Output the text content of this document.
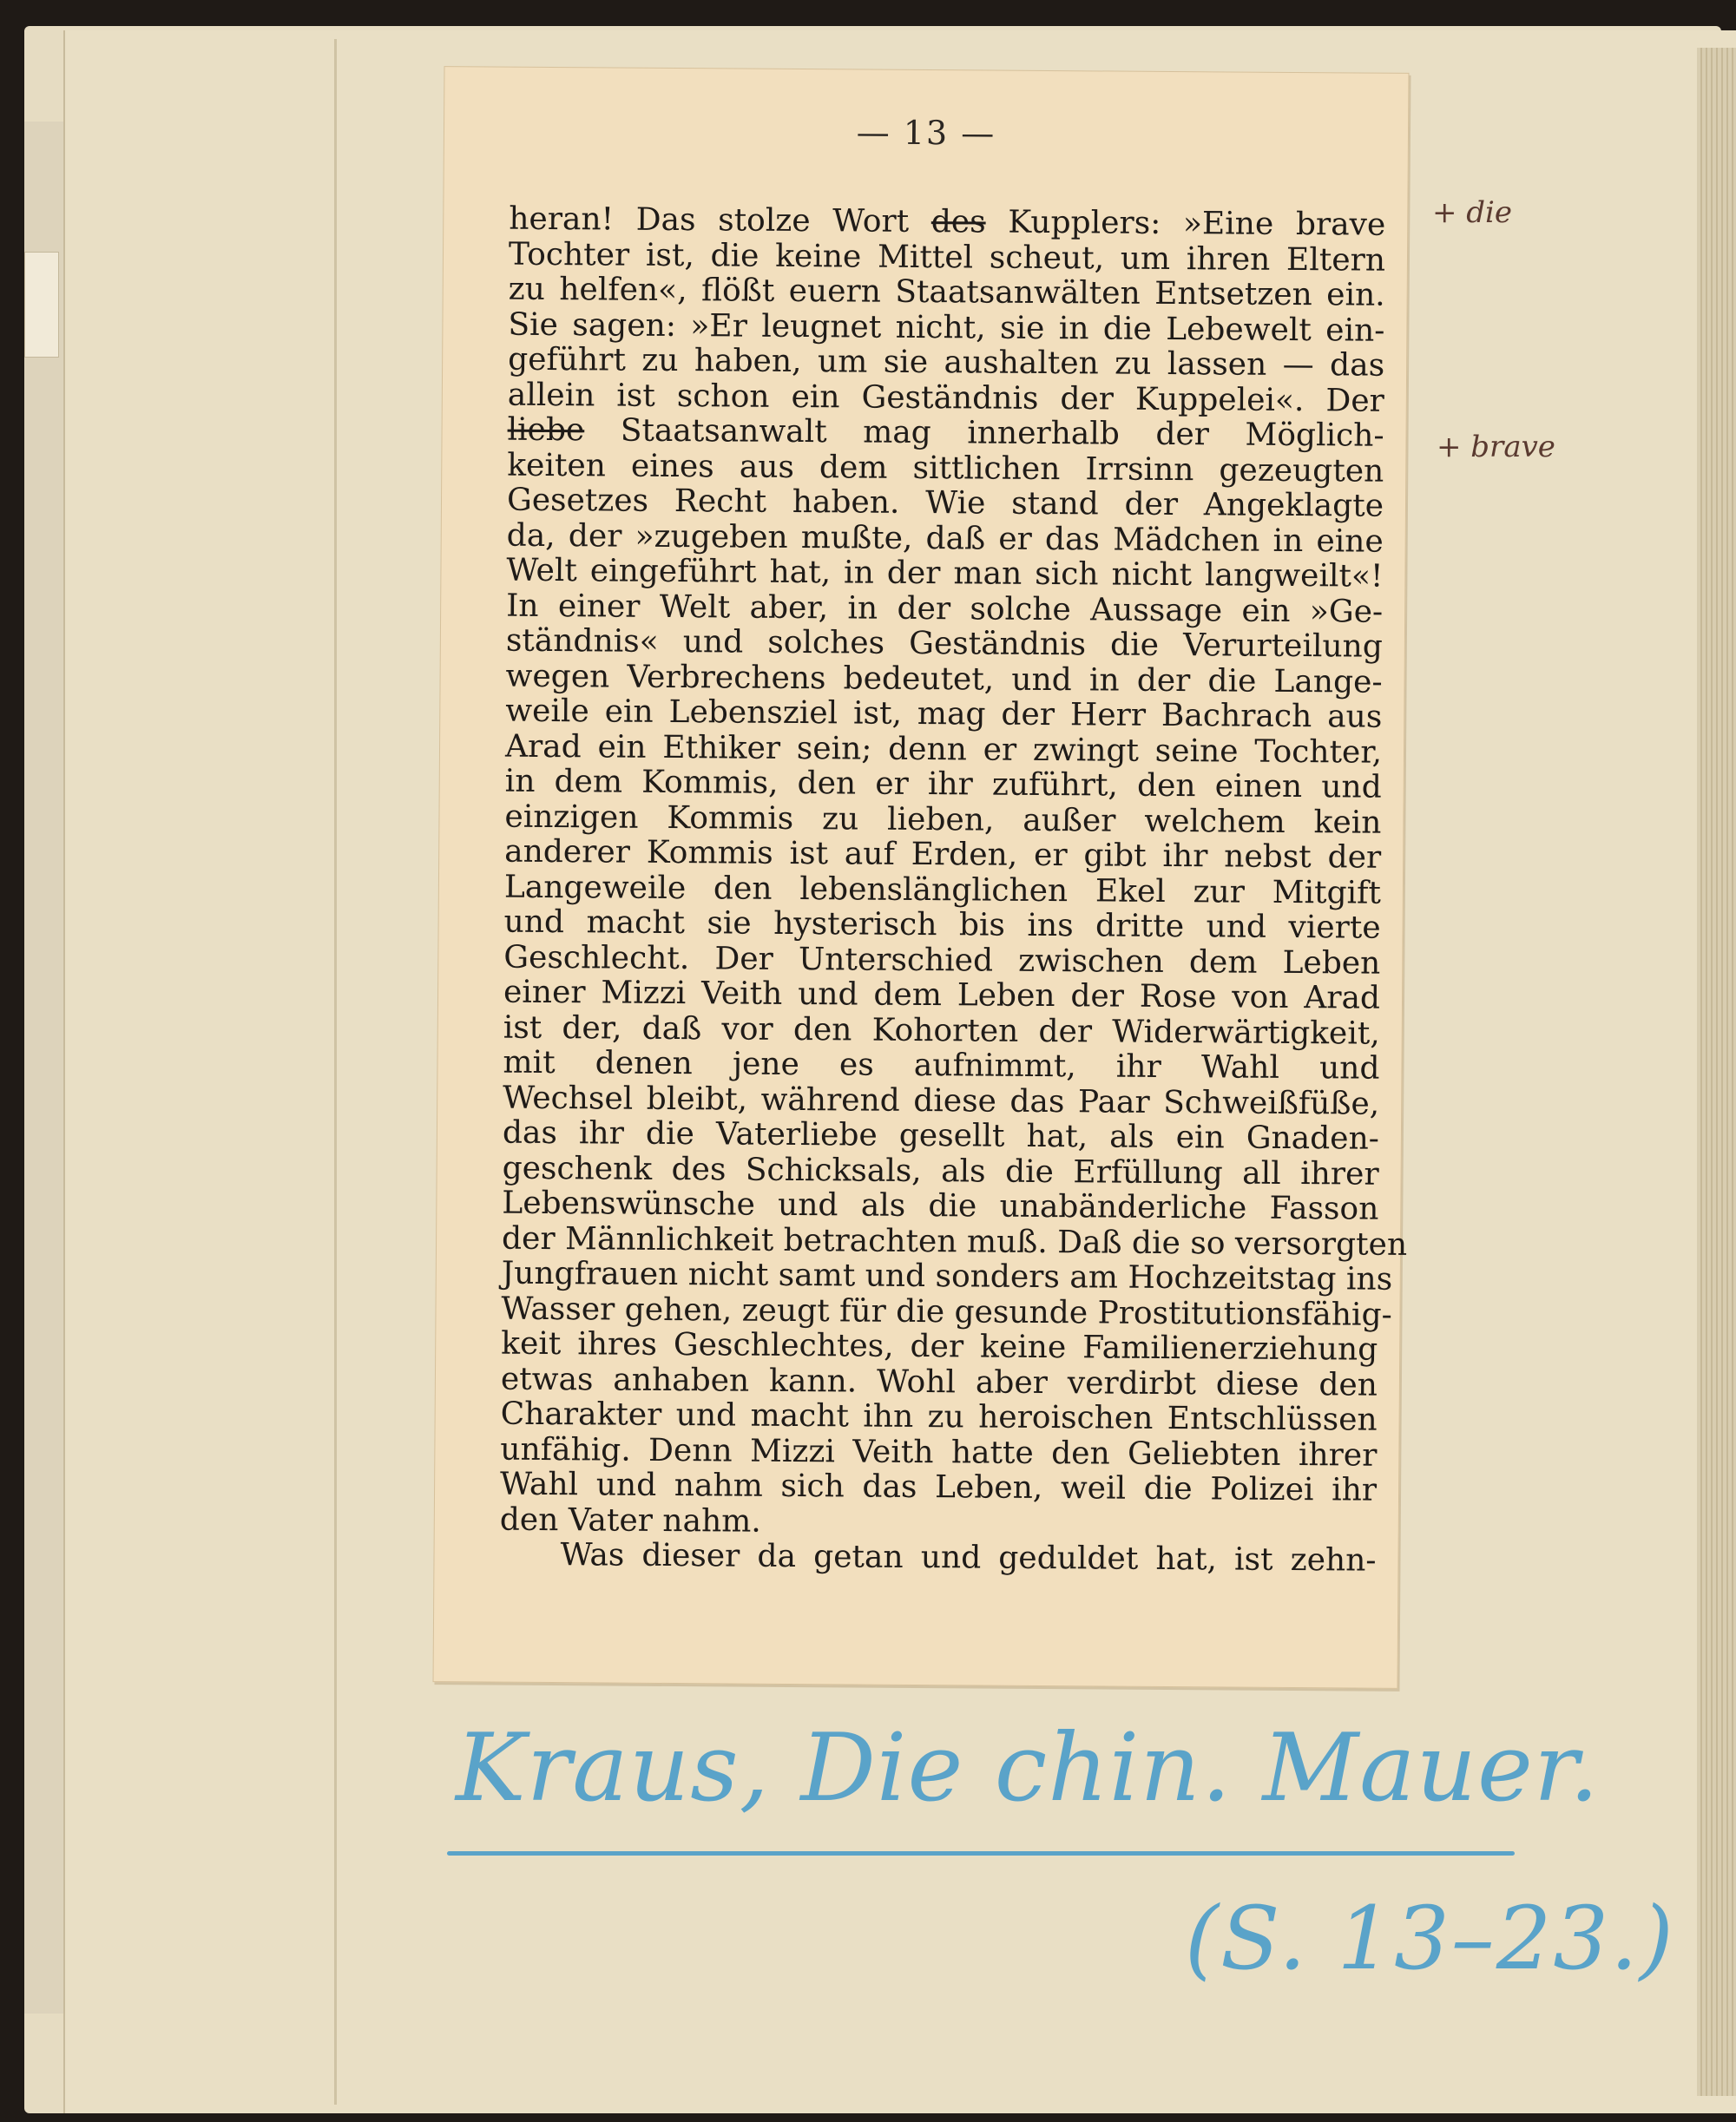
— 13 —
heran! Das stolze Wort des Kupplers: »Eine brave
Tochter ist, die keine Mittel scheut, um ihren Eltern
zu helfen«, flößt euern Staatsanwälten Entsetzen ein.
Sie sagen: »Er leugnet nicht, sie in die Lebewelt ein-
geführt zu haben, um sie aushalten zu lassen — das
allein ist schon ein Geständnis der Kuppelei«. Der
liebe Staatsanwalt mag innerhalb der Möglich-
keiten eines aus dem sittlichen Irrsinn gezeugten
Gesetzes Recht haben. Wie stand der Angeklagte
da, der »zugeben mußte, daß er das Mädchen in eine
Welt eingeführt hat, in der man sich nicht langweilt«!
In einer Welt aber, in der solche Aussage ein »Ge-
ständnis« und solches Geständnis die Verurteilung
wegen Verbrechens bedeutet, und in der die Lange-
weile ein Lebensziel ist, mag der Herr Bachrach aus
Arad ein Ethiker sein; denn er zwingt seine Tochter,
in dem Kommis, den er ihr zuführt, den einen und
einzigen Kommis zu lieben, außer welchem kein
anderer Kommis ist auf Erden, er gibt ihr nebst der
Langeweile den lebenslänglichen Ekel zur Mitgift
und macht sie hysterisch bis ins dritte und vierte
Geschlecht. Der Unterschied zwischen dem Leben
einer Mizzi Veith und dem Leben der Rose von Arad
ist der, daß vor den Kohorten der Widerwärtigkeit,
mit denen jene es aufnimmt, ihr Wahl und
Wechsel bleibt, während diese das Paar Schweißfüße,
das ihr die Vaterliebe gesellt hat, als ein Gnaden-
geschenk des Schicksals, als die Erfüllung all ihrer
Lebenswünsche und als die unabänderliche Fasson
der Männlichkeit betrachten muß. Daß die so versorgten
Jungfrauen nicht samt und sonders am Hochzeitstag ins
Wasser gehen, zeugt für die gesunde Prostitutionsfähig-
keit ihres Geschlechtes, der keine Familienerziehung
etwas anhaben kann. Wohl aber verdirbt diese den
Charakter und macht ihn zu heroischen Entschlüssen
unfähig. Denn Mizzi Veith hatte den Geliebten ihrer
Wahl und nahm sich das Leben, weil die Polizei ihr
den Vater nahm.
Was dieser da getan und geduldet hat, ist zehn-
+ die
+ brave
Kraus, Die chin. Mauer.
(S. 13–23.)
